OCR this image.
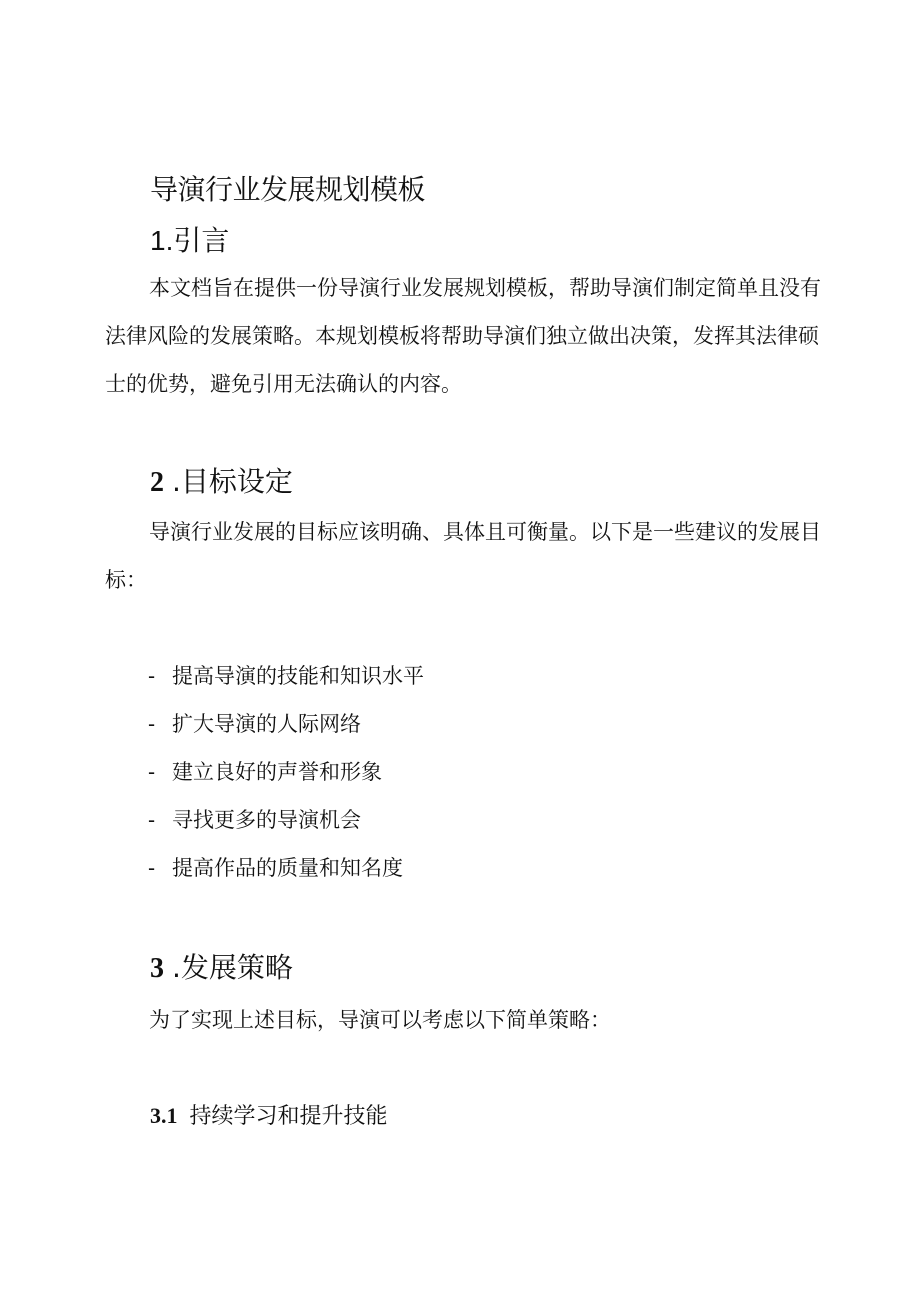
导演行业发展规划模板
1.引言
本文档旨在提供一份导演行业发展规划模板，帮助导演们制定简单且没有法律风险的发展策略。本规划模板将帮助导演们独立做出决策，发挥其法律硕士的优势，避免引用无法确认的内容。
2 .目标设定
导演行业发展的目标应该明确、具体且可衡量。以下是一些建议的发展目标：
- 提高导演的技能和知识水平
- 扩大导演的人际网络
- 建立良好的声誉和形象
- 寻找更多的导演机会
- 提高作品的质量和知名度
3 .发展策略
为了实现上述目标，导演可以考虑以下简单策略：
3.1 持续学习和提升技能
